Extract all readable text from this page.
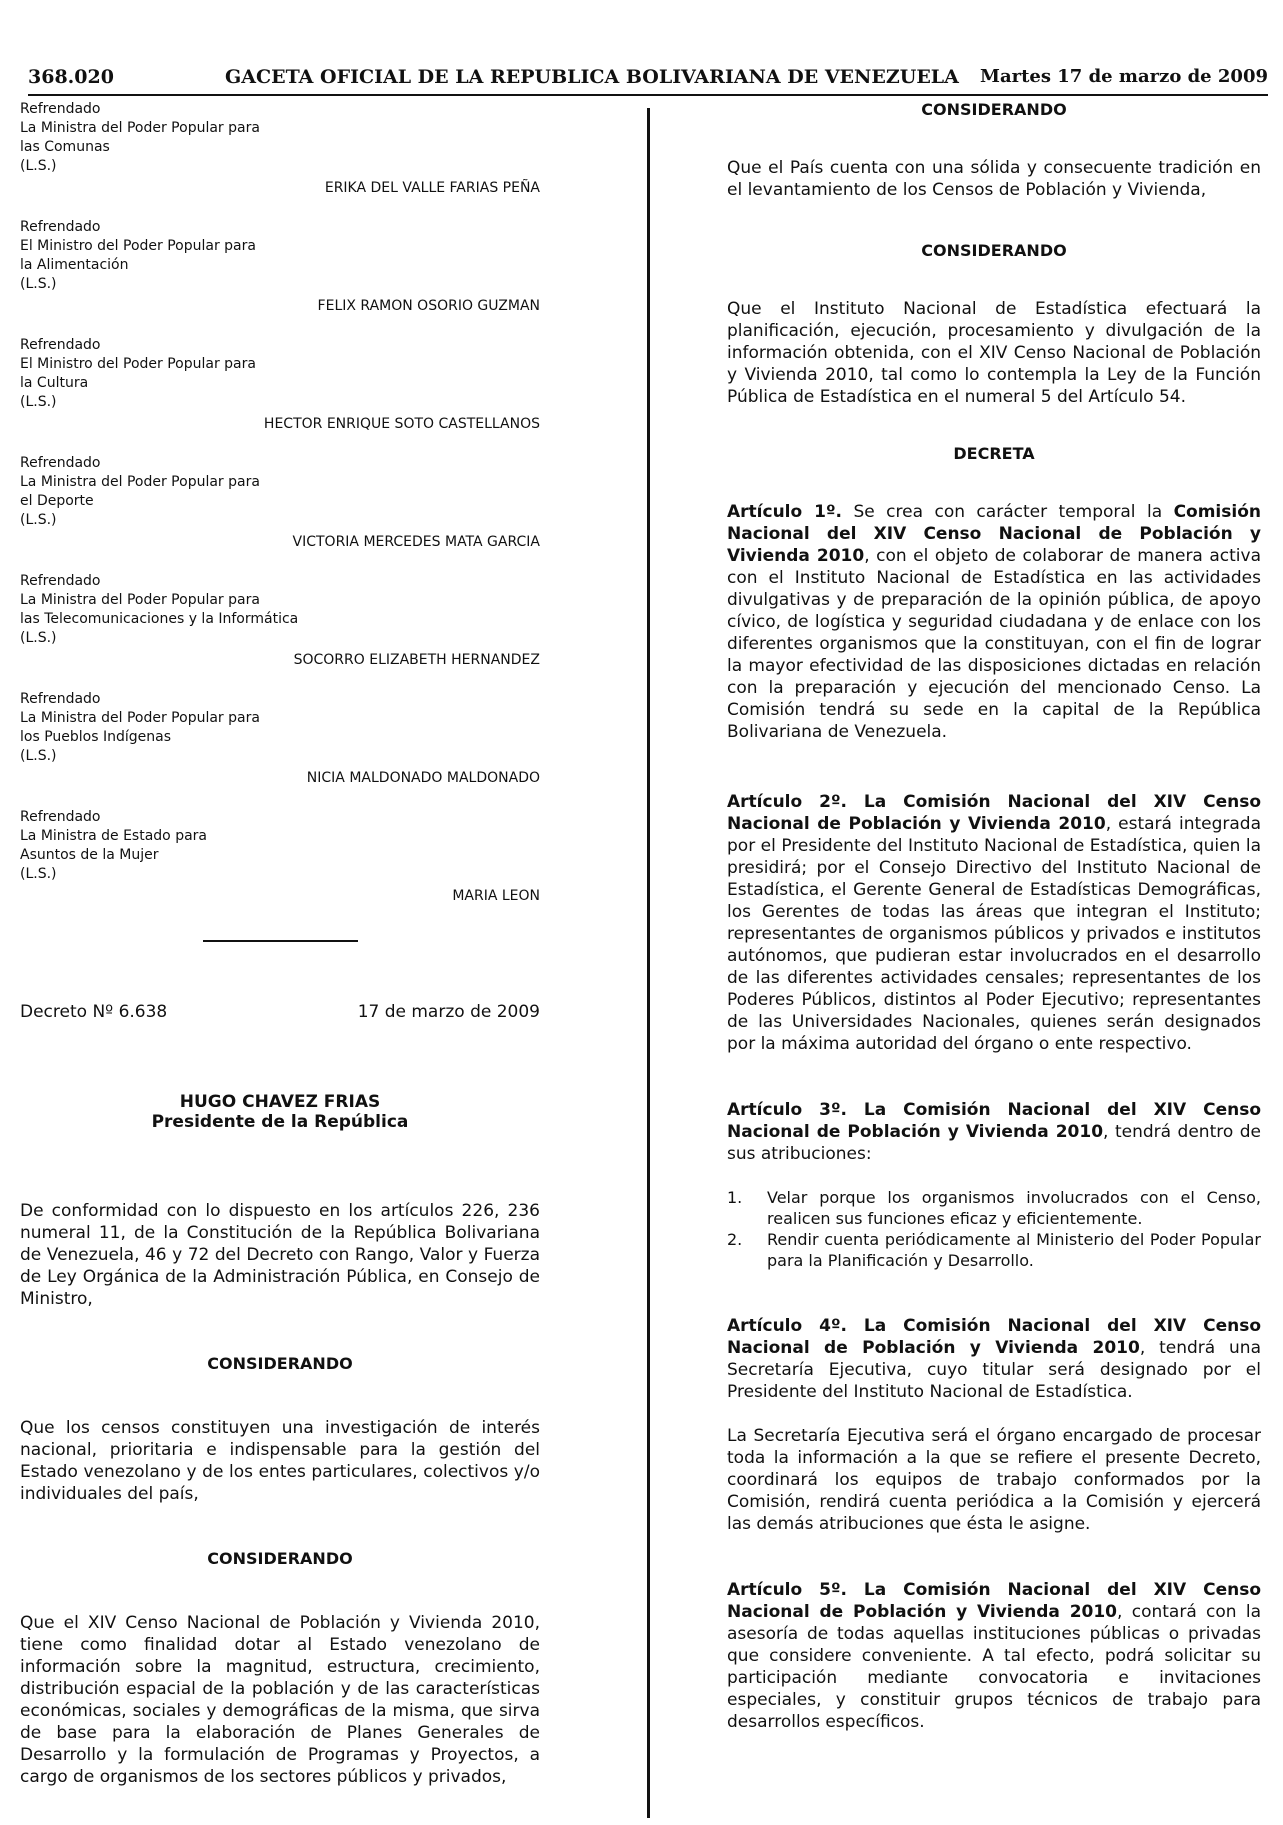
368.020	GACETA OFICIAL DE LA REPUBLICA BOLIVARIANA DE VENEZUELA Martes 17 de marzo de 2009

Refrendado

La Ministra del Poder Popular para

las Comunas

(L.S.)

ERIKA DEL VALLE FARIAS PEÑA

Refrendado

El Ministro del Poder Popular para

la Alimentación

(L.S.)

FELIX RAMON OSORIO GUZMAN

Refrendado

El Ministro del Poder Popular para

la Cultura

(L.S.)

HECTOR ENRIQUE SOTO CASTELLANOS

Refrendado

La Ministra del Poder Popular para

el Deporte

(L.S.)

VICTORIA MERCEDES MATA GARCIA

Refrendado

La Ministra del Poder Popular para

las Telecomunicaciones y la Informática

(L.S.)

SOCORRO ELIZABETH HERNANDEZ

Refrendado

La Ministra del Poder Popular para

los Pueblos Indígenas

(L.S.)

NICIA MALDONADO MALDONADO

Refrendado

La Ministra de Estado para

Asuntos de la Mujer

(L.S.)

MARIA LEON
Decreto Nº 6.638	17 de marzo de 2009

HUGO CHAVEZ FRIAS

Presidente de la República

De conformidad con lo dispuesto en los artículos 226, 236 numeral 11, de la Constitución de la República Bolivariana de Venezuela, 46 y 72 del Decreto con Rango, Valor y Fuerza de Ley Orgánica de la Administración Pública, en Consejo de Ministro,

CONSIDERANDO

Que los censos constituyen una investigación de interés nacional, prioritaria e indispensable para la gestión del Estado venezolano y de los entes particulares, colectivos y/o individuales del país,

CONSIDERANDO

Que el XIV Censo Nacional de Población y Vivienda 2010, tiene como finalidad dotar al Estado venezolano de información sobre la magnitud, estructura, crecimiento, distribución espacial de la población y de las características económicas, sociales y demográficas de la misma, que sirva de base para la elaboración de Planes Generales de Desarrollo y la formulación de Programas y Proyectos, a cargo de organismos de los sectores públicos y privados,

CONSIDERANDO

Que el País cuenta con una sólida y consecuente tradición en el levantamiento de los Censos de Población y Vivienda,

CONSIDERANDO

Que el Instituto Nacional de Estadística efectuará la planificación, ejecución, procesamiento y divulgación de la información obtenida, con el XIV Censo Nacional de Población y Vivienda 2010, tal como lo contempla la Ley de la Función Pública de Estadística en el numeral 5 del Artículo 54.

DECRETA

Artículo 1º. Se crea con carácter temporal la Comisión Nacional del XIV Censo Nacional de Población y Vivienda 2010, con el objeto de colaborar de manera activa con el Instituto Nacional de Estadística en las actividades divulgativas y de preparación de la opinión pública, de apoyo cívico, de logística y seguridad ciudadana y de enlace con los diferentes organismos que la constituyan, con el fin de lograr la mayor efectividad de las disposiciones dictadas en relación con la preparación y ejecución del mencionado Censo. La Comisión tendrá su sede en la capital de la República Bolivariana de Venezuela.

Artículo 2º. La Comisión Nacional del XIV Censo Nacional de Población y Vivienda 2010, estará integrada por el Presidente del Instituto Nacional de Estadística, quien la presidirá; por el Consejo Directivo del Instituto Nacional de Estadística, el Gerente General de Estadísticas Demográficas, los Gerentes de todas las áreas que integran el Instituto; representantes de organismos públicos y privados e institutos autónomos, que pudieran estar involucrados en el desarrollo de las diferentes actividades censales; representantes de los Poderes Públicos, distintos al Poder Ejecutivo; representantes de las Universidades Nacionales, quienes serán designados por la máxima autoridad del órgano o ente respectivo.

Artículo 3º. La Comisión Nacional del XIV Censo Nacional de Población y Vivienda 2010, tendrá dentro de sus atribuciones:

1. Velar porque los organismos involucrados con el Censo, realicen sus funciones eficaz y eficientemente.
2. Rendir cuenta periódicamente al Ministerio del Poder Popular para la Planificación y Desarrollo.

Artículo 4º. La Comisión Nacional del XIV Censo Nacional de Población y Vivienda 2010, tendrá una Secretaría Ejecutiva, cuyo titular será designado por el Presidente del Instituto Nacional de Estadística.

La Secretaría Ejecutiva será el órgano encargado de procesar toda la información a la que se refiere el presente Decreto, coordinará los equipos de trabajo conformados por la Comisión, rendirá cuenta periódica a la Comisión y ejercerá las demás atribuciones que ésta le asigne.

Artículo 5º. La Comisión Nacional del XIV Censo Nacional de Población y Vivienda 2010, contará con la asesoría de todas aquellas instituciones públicas o privadas que considere conveniente. A tal efecto, podrá solicitar su participación mediante convocatoria e invitaciones especiales, y constituir grupos técnicos de trabajo para desarrollos específicos.
